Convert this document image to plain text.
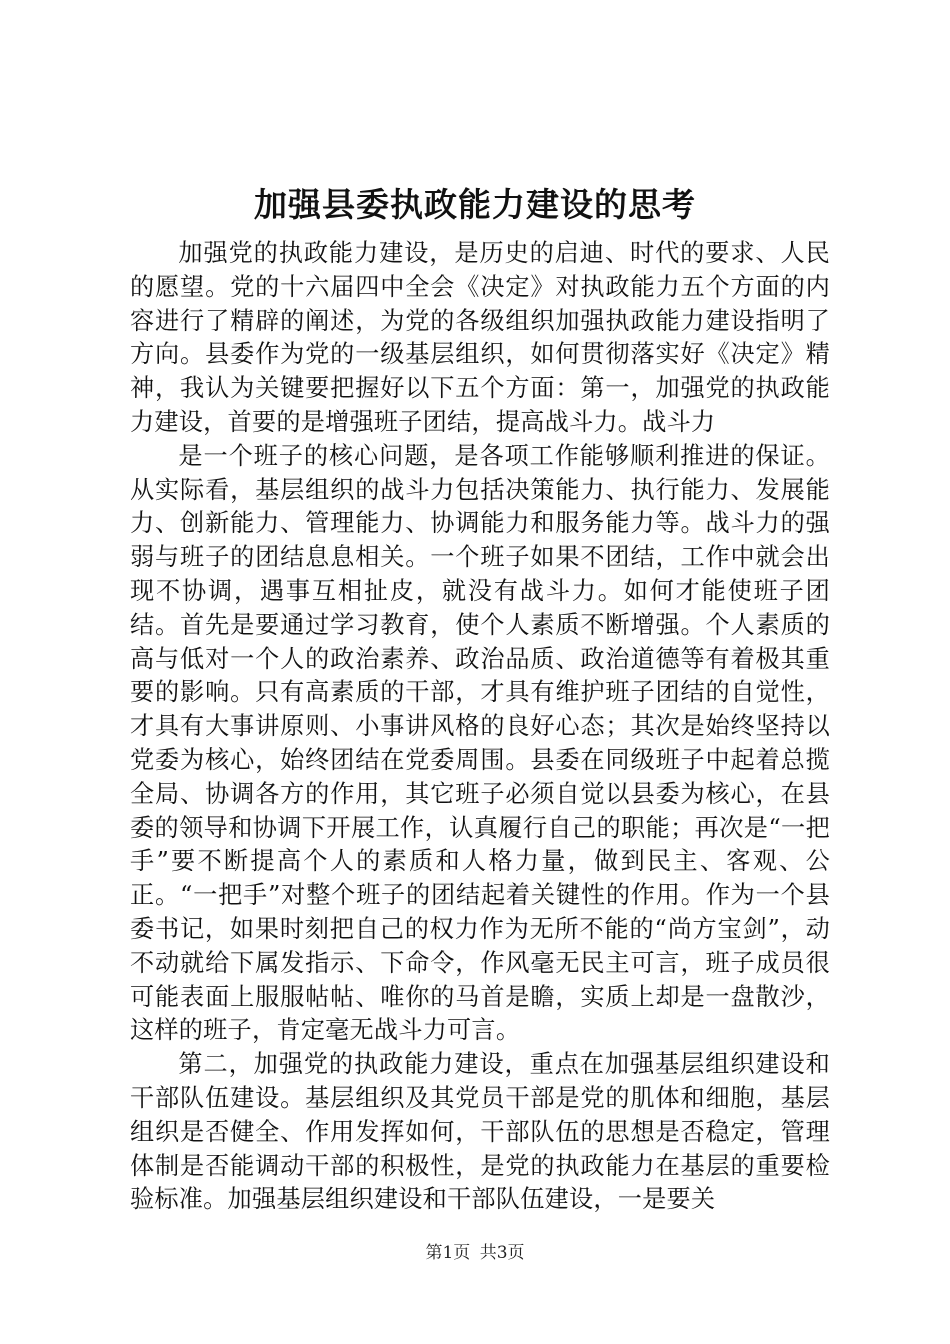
加强县委执政能力建设的思考

加强党的执政能力建设，是历史的启迪、时代的要求、人民的愿望。党的十六届四中全会《决定》对执政能力五个方面的内容进行了精辟的阐述，为党的各级组织加强执政能力建设指明了方向。县委作为党的一级基层组织，如何贯彻落实好《决定》精神，我认为关键要把握好以下五个方面：第一，加强党的执政能力建设，首要的是增强班子团结，提高战斗力。战斗力

是一个班子的核心问题，是各项工作能够顺利推进的保证。从实际看，基层组织的战斗力包括决策能力、执行能力、发展能力、创新能力、管理能力、协调能力和服务能力等。战斗力的强弱与班子的团结息息相关。一个班子如果不团结，工作中就会出现不协调，遇事互相扯皮，就没有战斗力。如何才能使班子团结。首先是要通过学习教育，使个人素质不断增强。个人素质的高与低对一个人的政治素养、政治品质、政治道德等有着极其重要的影响。只有高素质的干部，才具有维护班子团结的自觉性，才具有大事讲原则、小事讲风格的良好心态；其次是始终坚持以党委为核心，始终团结在党委周围。县委在同级班子中起着总揽全局、协调各方的作用，其它班子必须自觉以县委为核心，在县委的领导和协调下开展工作，认真履行自己的职能；再次是“一把手”要不断提高个人的素质和人格力量，做到民主、客观、公正。“一把手”对整个班子的团结起着关键性的作用。作为一个县委书记，如果时刻把自己的权力作为无所不能的“尚方宝剑”，动不动就给下属发指示、下命令，作风毫无民主可言，班子成员很可能表面上服服帖帖、唯你的马首是瞻，实质上却是一盘散沙，这样的班子，肯定毫无战斗力可言。

第二，加强党的执政能力建设，重点在加强基层组织建设和干部队伍建设。基层组织及其党员干部是党的肌体和细胞，基层组织是否健全、作用发挥如何，干部队伍的思想是否稳定，管理体制是否能调动干部的积极性，是党的执政能力在基层的重要检验标准。加强基层组织建设和干部队伍建设，一是要关

第1页 共3页
